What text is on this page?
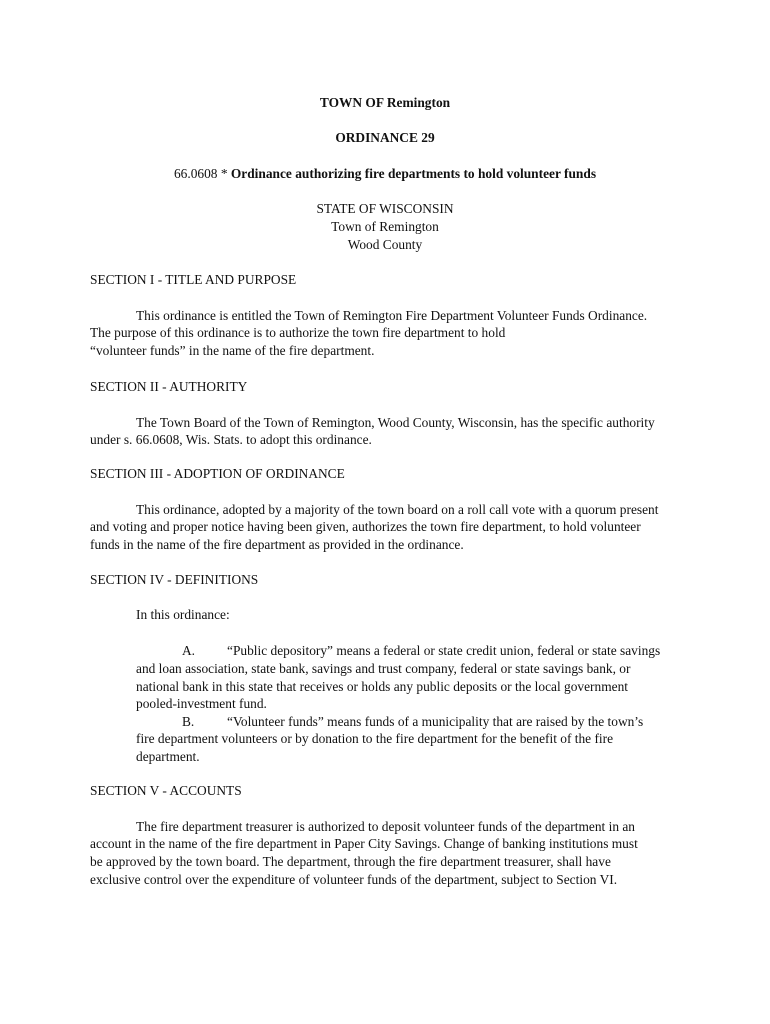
TOWN OF Remington
ORDINANCE 29
66.0608 * Ordinance authorizing fire departments to hold volunteer funds
STATE OF WISCONSIN
Town of Remington
Wood County
SECTION I - TITLE AND PURPOSE
This ordinance is entitled the Town of Remington Fire Department Volunteer Funds Ordinance.
The purpose of this ordinance is to authorize the town fire department to hold
“volunteer funds” in the name of the fire department.
SECTION II - AUTHORITY
The Town Board of the Town of Remington, Wood County, Wisconsin, has the specific authority
under s. 66.0608, Wis. Stats. to adopt this ordinance.
SECTION III - ADOPTION OF ORDINANCE
This ordinance, adopted by a majority of the town board on a roll call vote with a quorum present
and voting and proper notice having been given, authorizes the town fire department, to hold volunteer
funds in the name of the fire department as provided in the ordinance.
SECTION IV - DEFINITIONS
In this ordinance:
A. “Public depository” means a federal or state credit union, federal or state savings
and loan association, state bank, savings and trust company, federal or state savings bank, or
national bank in this state that receives or holds any public deposits or the local government
pooled-investment fund.
B. “Volunteer funds” means funds of a municipality that are raised by the town’s
fire department volunteers or by donation to the fire department for the benefit of the fire
department.
SECTION V - ACCOUNTS
The fire department treasurer is authorized to deposit volunteer funds of the department in an
account in the name of the fire department in Paper City Savings. Change of banking institutions must
be approved by the town board. The department, through the fire department treasurer, shall have
exclusive control over the expenditure of volunteer funds of the department, subject to Section VI.
